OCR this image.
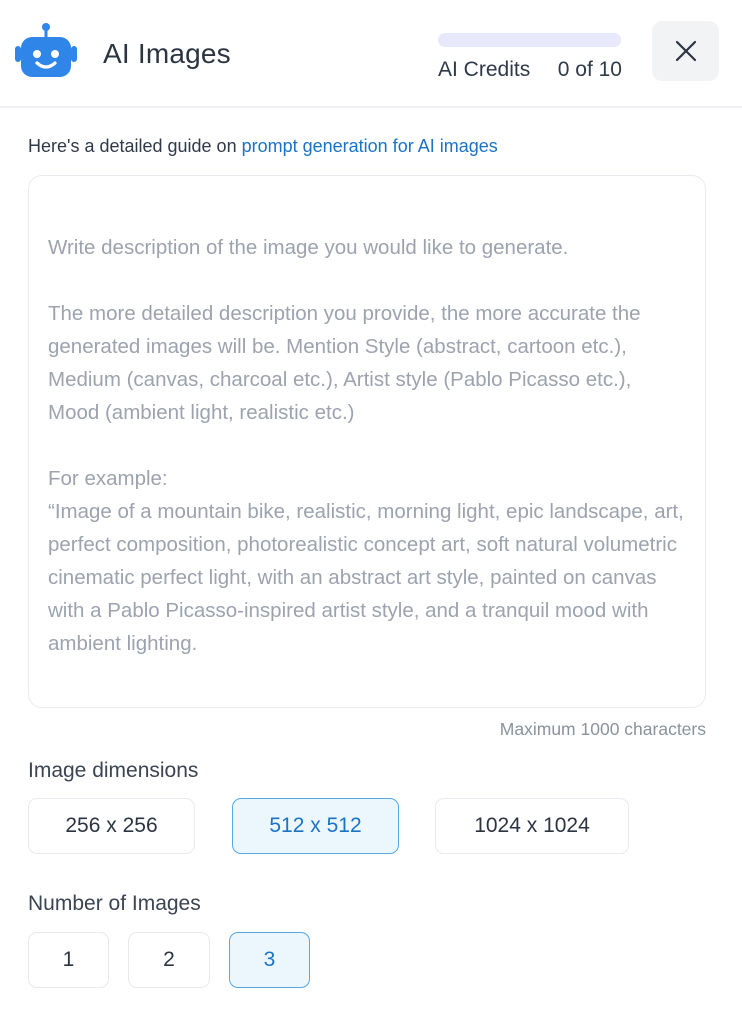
AI Images
AI Credits 0 of 10
Here's a detailed guide on prompt generation for AI images

Write description of the image you would like to generate.

The more detailed description you provide, the more accurate the generated images will be. Mention Style (abstract, cartoon etc.), Medium (canvas, charcoal etc.), Artist style (Pablo Picasso etc.), Mood (ambient light, realistic etc.)

For example:
“Image of a mountain bike, realistic, morning light, epic landscape, art, perfect composition, photorealistic concept art, soft natural volumetric cinematic perfect light, with an abstract art style, painted on canvas with a Pablo Picasso-inspired artist style, and a tranquil mood with ambient lighting.

Maximum 1000 characters
Image dimensions
256 x 256	512 x 512	1024 x 1024
Number of Images
1	2	3
